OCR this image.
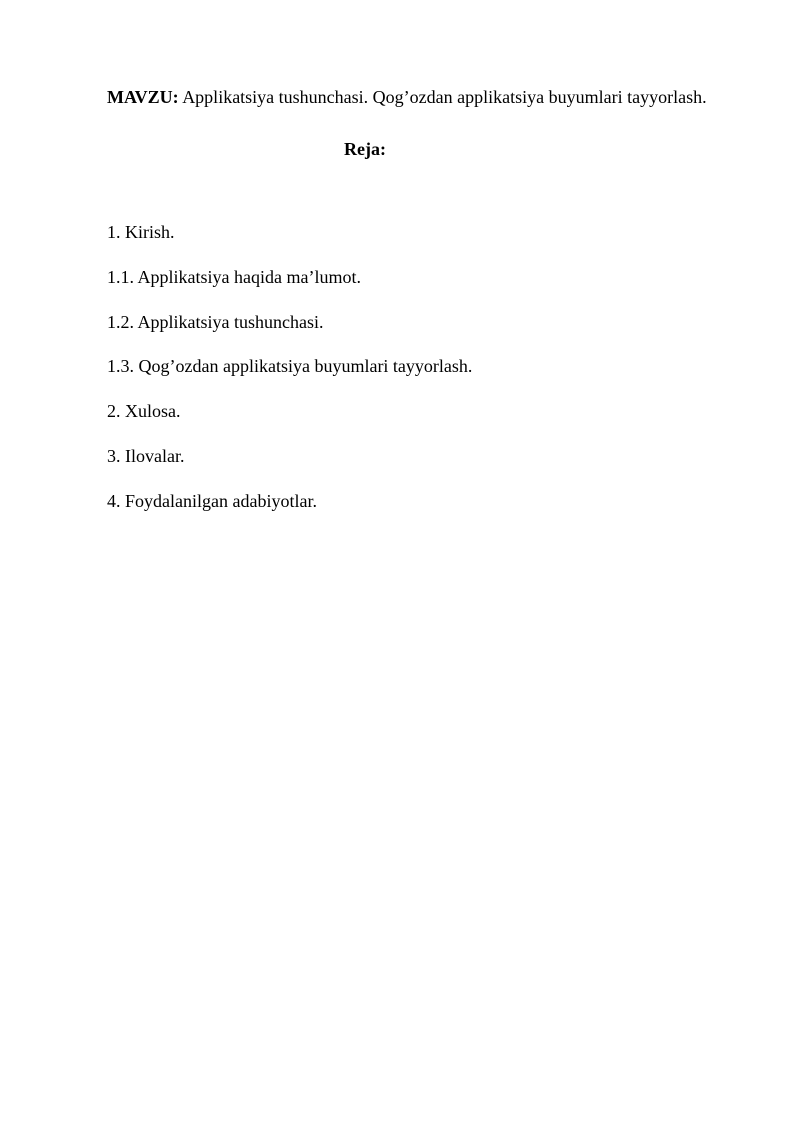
MAVZU: Applikatsiya tushunchasi. Qog’ozdan applikatsiya buyumlari tayyorlash.
Reja:
1. Kirish.
1.1. Applikatsiya haqida ma’lumot.
1.2. Applikatsiya tushunchasi.
1.3. Qog’ozdan applikatsiya buyumlari tayyorlash.
2. Xulosa.
3. Ilovalar.
4. Foydalanilgan adabiyotlar.
